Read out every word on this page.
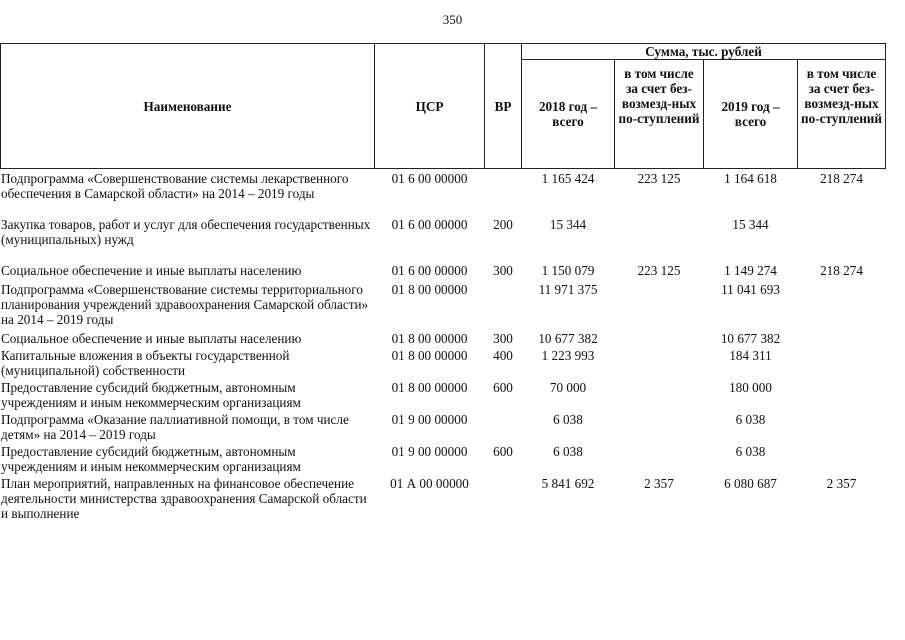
350
Наименование	ЦСР	ВР	Сумма, тыс. рублей			
			2018 год – всего	в том числе за счет без-возмезд-ных по-ступлений	2019 год – всего	в том числе за счет без-возмезд-ных по-ступлений
Подпрограмма «Совершенствование системы лекарственного обеспечения в Самарской области» на 2014 – 2019 годы	01 6 00 00000		1 165 424	223 125	1 164 618	218 274
Закупка товаров, работ и услуг для обеспечения государственных (муниципальных) нужд	01 6 00 00000	200	15 344		15 344	
Социальное обеспечение и иные выплаты населению	01 6 00 00000	300	1 150 079	223 125	1 149 274	218 274
Подпрограмма «Совершенствование системы территориального планирования учреждений здравоохранения Самарской области» на 2014 – 2019 годы	01 8 00 00000		11 971 375		11 041 693	
Социальное обеспечение и иные выплаты населению	01 8 00 00000	300	10 677 382		10 677 382	
Капитальные вложения в объекты государственной (муниципальной) собственности	01 8 00 00000	400	1 223 993		184 311	
Предоставление субсидий бюджетным, автономным учреждениям и иным некоммерческим организациям	01 8 00 00000	600	70 000		180 000	
Подпрограмма «Оказание паллиативной помощи, в том числе детям» на 2014 – 2019 годы	01 9 00 00000		6 038		6 038	
Предоставление субсидий бюджетным, автономным учреждениям и иным некоммерческим организациям	01 9 00 00000	600	6 038		6 038	
План мероприятий, направленных на финансовое обеспечение деятельности министерства здравоохранения Самарской области и выполнение	01 А 00 00000		5 841 692	2 357	6 080 687	2 357
